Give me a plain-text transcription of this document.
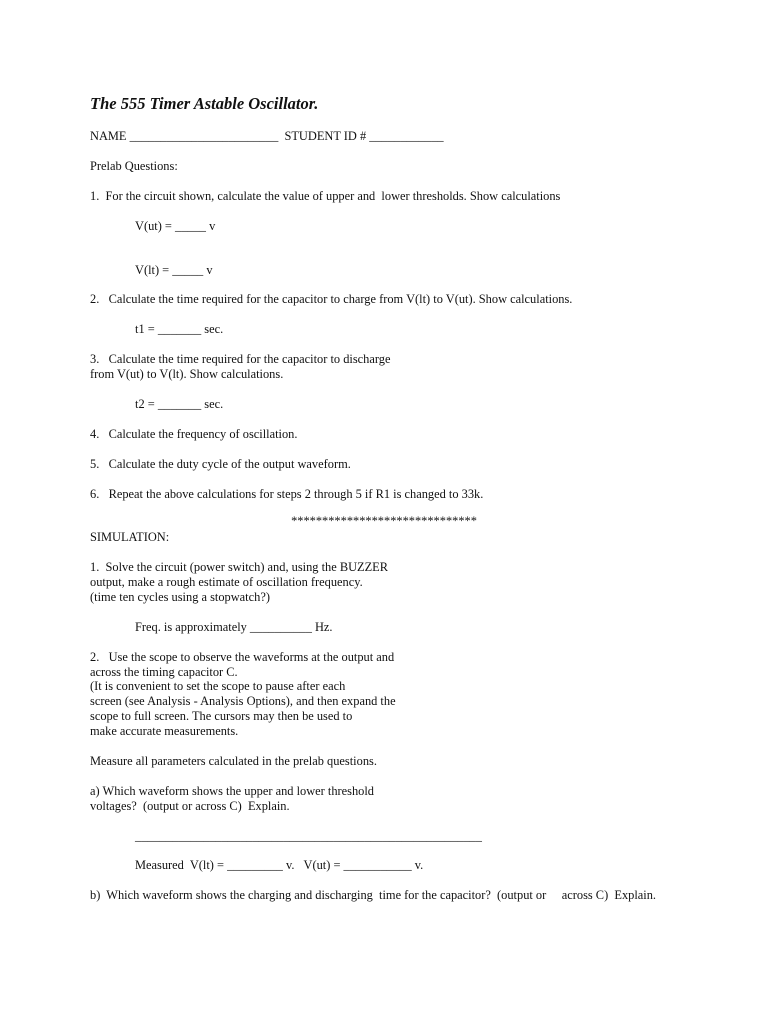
The 555 Timer Astable Oscillator.
NAME ________________________  STUDENT ID # ____________
Prelab Questions:
1.  For the circuit shown, calculate the value of upper and  lower thresholds. Show calculations
V(ut) = _____ v
V(lt) = _____ v
2.   Calculate the time required for the capacitor to charge from V(lt) to V(ut). Show calculations.
t1 = _______ sec.
3.   Calculate the time required for the capacitor to discharge
from V(ut) to V(lt). Show calculations.
t2 = _______ sec.
4.   Calculate the frequency of oscillation.
5.   Calculate the duty cycle of the output waveform.
6.   Repeat the above calculations for steps 2 through 5 if R1 is changed to 33k.
******************************
SIMULATION:
1.  Solve the circuit (power switch) and, using the BUZZER
output, make a rough estimate of oscillation frequency.
(time ten cycles using a stopwatch?)
Freq. is approximately __________ Hz.
2.   Use the scope to observe the waveforms at the output and
across the timing capacitor C.
(It is convenient to set the scope to pause after each
screen (see Analysis - Analysis Options), and then expand the
scope to full screen. The cursors may then be used to
make accurate measurements.
Measure all parameters calculated in the prelab questions.
a) Which waveform shows the upper and lower threshold
voltages?  (output or across C)  Explain.
________________________________________________________
Measured  V(lt) = _________ v.   V(ut) = ___________ v.
b)  Which waveform shows the charging and discharging  time for the capacitor?  (output or     across C)  Explain.
